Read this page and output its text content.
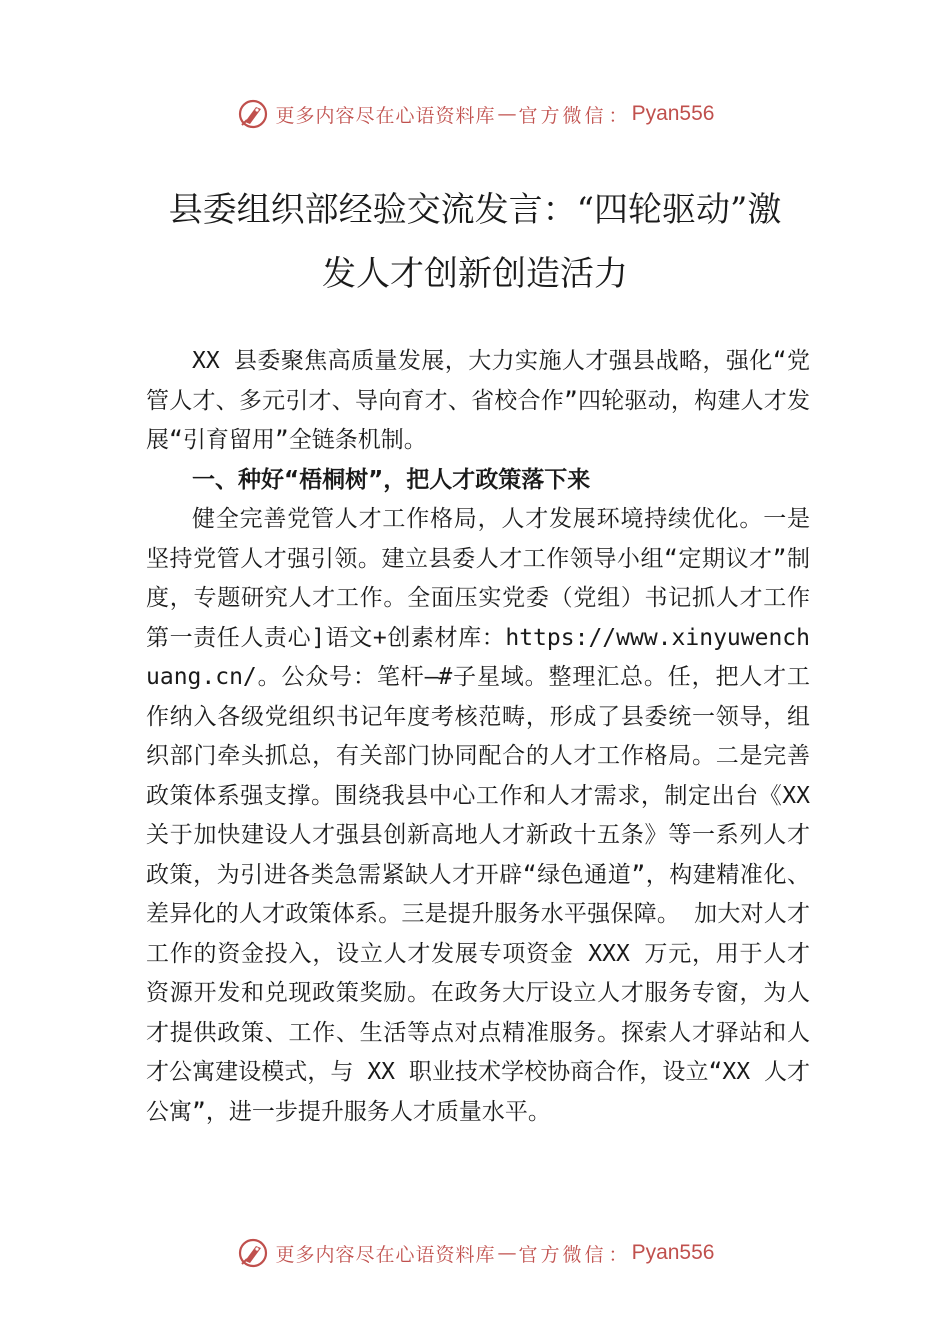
更多内容尽在心语资料库 — 官方微信 ： Pyan556
县委组织部经验交流发言：“四轮驱动”激
发人才创新创造活力

XX 县委聚焦高质量发展，大力实施人才强县战略，强化“党管人才、多元引才、导向育才、省校合作”四轮驱动，构建人才发展“引育留用”全链条机制。

一、种好“梧桐树”，把人才政策落下来

健全完善党管人才工作格局，人才发展环境持续优化。一是坚持党管人才强引领。建立县委人才工作领导小组“定期议才”制度，专题研究人才工作。全面压实党委（党组）书记抓人才工作第一责任人责心]语文+创素材库：https://www.xinyuwenchuang.cn/。公众号：笔杆—#子星域。整理汇总。任，把人才工作纳入各级党组织书记年度考核范畴，形成了县委统一领导，组织部门牵头抓总，有关部门协同配合的人才工作格局。二是完善政策体系强支撑。围绕我县中心工作和人才需求，制定出台《XX 关于加快建设人才强县创新高地人才新政十五条》等一系列人才政策，为引进各类急需紧缺人才开辟“绿色通道”，构建精准化、差异化的人才政策体系。三是提升服务水平强保障。 加大对人才工作的资金投入，设立人才发展专项资金 XXX 万元，用于人才资源开发和兑现政策奖励。在政务大厅设立人才服务专窗，为人才提供政策、工作、生活等点对点精准服务。探索人才驿站和人才公寓建设模式，与 XX 职业技术学校协商合作，设立“XX 人才公寓”，进一步提升服务人才质量水平。

更多内容尽在心语资料库 — 官方微信 ： Pyan556
